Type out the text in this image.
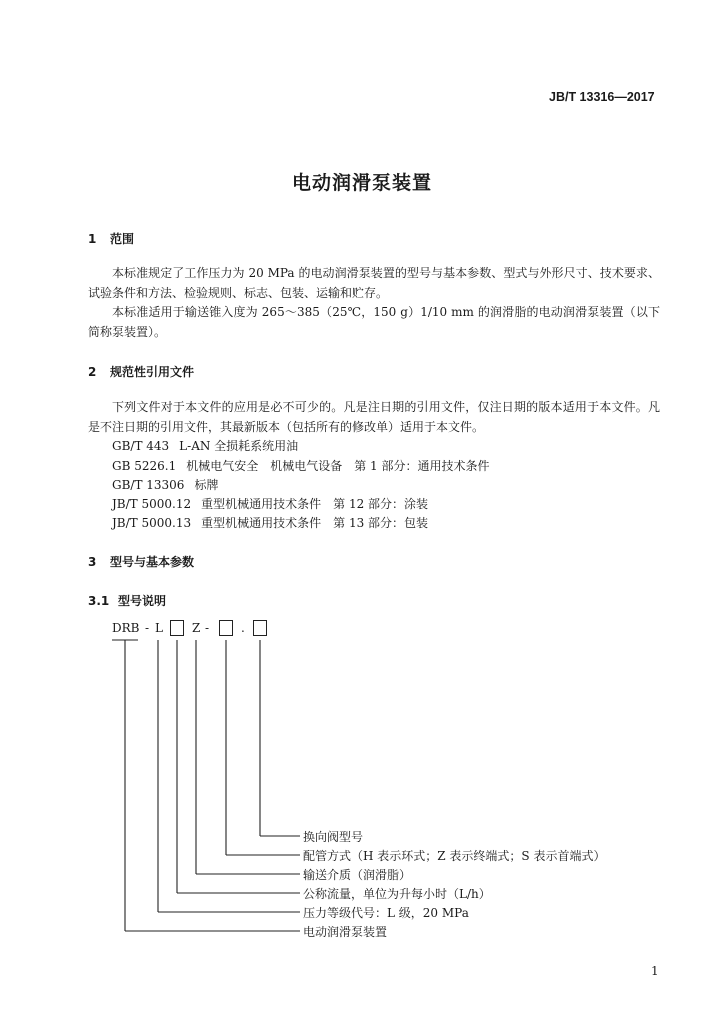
JB/T 13316—2017
电动润滑泵装置
1 范围
本标准规定了工作压力为 20 MPa 的电动润滑泵装置的型号与基本参数、型式与外形尺寸、技术要求、试验条件和方法、检验规则、标志、包装、运输和贮存。
本标准适用于输送锥入度为 265～385（25℃，150 g）1/10 mm 的润滑脂的电动润滑泵装置（以下简称泵装置）。
2 规范性引用文件
下列文件对于本文件的应用是必不可少的。凡是注日期的引用文件，仅注日期的版本适用于本文件。凡是不注日期的引用文件，其最新版本（包括所有的修改单）适用于本文件。
GB/T 443 L-AN 全损耗系统用油
GB 5226.1 机械电气安全　机械电气设备　第 1 部分：通用技术条件
GB/T 13306 标牌
JB/T 5000.12 重型机械通用技术条件　第 12 部分：涂装
JB/T 5000.13 重型机械通用技术条件　第 13 部分：包装
3 型号与基本参数
3.1 型号说明
DRB - L Z -	.
换向阀型号
配管方式（H 表示环式；Z 表示终端式；S 表示首端式）
输送介质（润滑脂）
公称流量，单位为升每小时（L/h）
压力等级代号：L 级，20 MPa
电动润滑泵装置
1
